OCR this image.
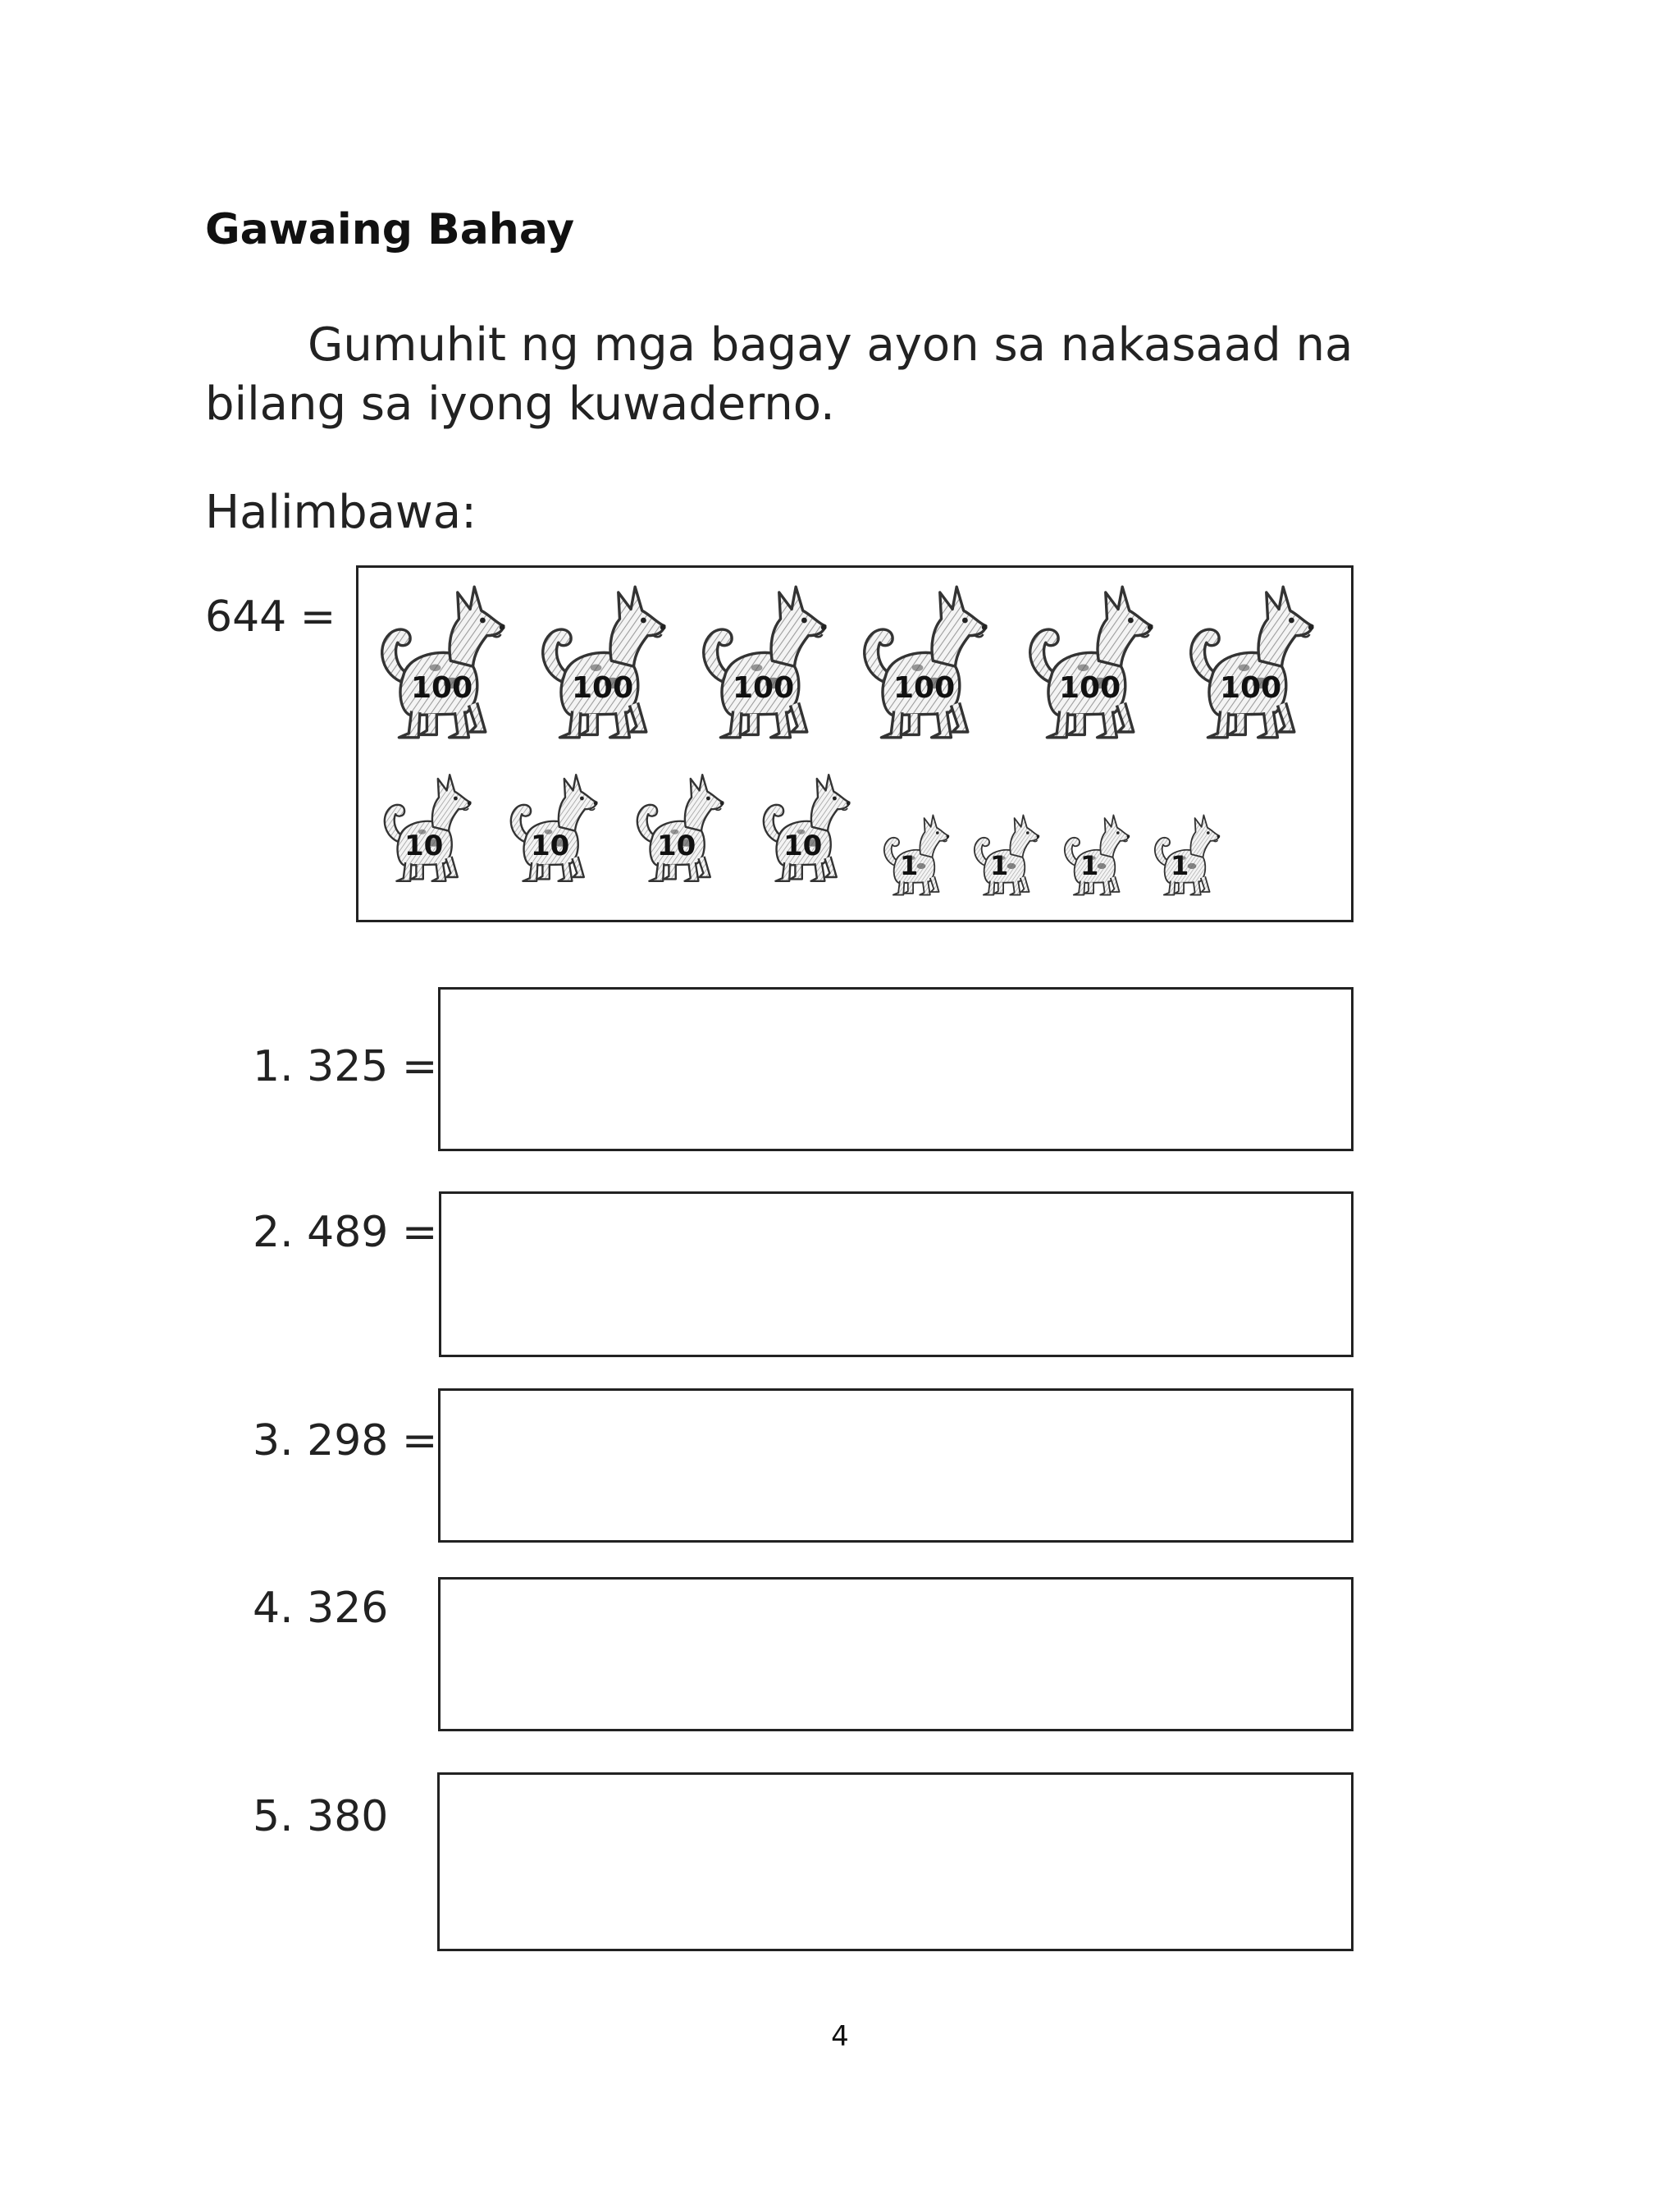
Gawaing Bahay
Gumuhit ng mga bagay ayon sa nakasaad na bilang sa iyong kuwaderno.
Halimbawa:
644 =
100	100	100	100	100	100
10	10	10	10
1	1	1	1
1. 325 =
2. 489 =
3. 298 =
4. 326
5. 380
4
